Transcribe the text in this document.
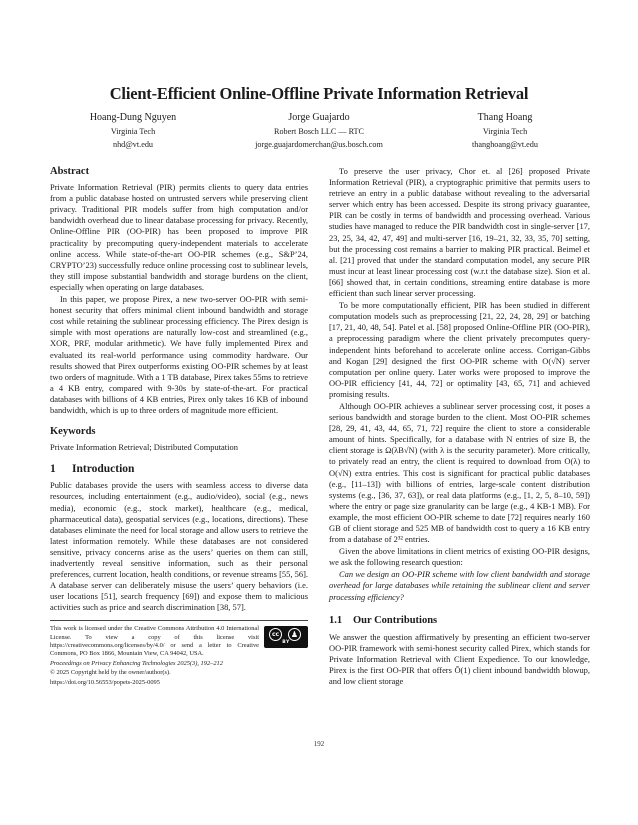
Client-Efficient Online-Offline Private Information Retrieval
Hoang-Dung Nguyen
Virginia Tech
nhd@vt.edu
Jorge Guajardo
Robert Bosch LLC — RTC
jorge.guajardomerchan@us.bosch.com
Thang Hoang
Virginia Tech
thanghoang@vt.edu
Abstract

Private Information Retrieval (PIR) permits clients to query data entries from a public database hosted on untrusted servers while preserving client privacy. Traditional PIR models suffer from high computation and/or bandwidth overhead due to linear database processing for privacy. Recently, Online-Offline PIR (OO-PIR) has been proposed to improve PIR practicality by precomputing query-independent materials to accelerate online access. While state-of-the-art OO-PIR schemes (e.g., S&P’24, CRYPTO’23) successfully reduce online processing cost to sublinear levels, they still impose substantial bandwidth and storage burdens on the client, especially when operating on large databases.

In this paper, we propose Pirex, a new two-server OO-PIR with semi-honest security that offers minimal client inbound bandwidth and storage cost while retaining the sublinear processing efficiency. The Pirex design is simple with most operations are naturally low-cost and streamlined (e.g., XOR, PRF, modular arithmetic). We have fully implemented Pirex and evaluated its real-world performance using commodity hardware. Our results showed that Pirex outperforms existing OO-PIR schemes by at least two orders of magnitude. With a 1 TB database, Pirex takes 55ms to retrieve a 4 KB entry, compared with 9-30s by state-of-the-art. For practical databases with billions of 4 KB entries, Pirex only takes 16 KB of inbound bandwidth, which is up to three orders of magnitude more efficient.

Keywords

Private Information Retrieval; Distributed Computation

1 Introduction

Public databases provide the users with seamless access to diverse data resources, including entertainment (e.g., audio/video), social (e.g., news media), economic (e.g., stock market), healthcare (e.g., medical, pharmaceutical data), geospatial services (e.g., locations, directions). These databases eliminate the need for local storage and allow users to retrieve the latest information remotely. While these databases are not considered sensitive, privacy concerns arise as the users’ queries on them can still, inadvertently reveal sensitive information, such as their personal preferences, current location, health conditions, or revenue streams [55, 56]. A database server can deliberately misuse the users’ query behaviors (i.e. user locations [51], search frequency [69]) and expose them to malicious activities such as price and search discrimination [38, 57].

cc	♟
BY

This work is licensed under the Creative Commons Attribution 4.0 International License. To view a copy of this license visit https://creativecommons.org/licenses/by/4.0/ or send a letter to Creative Commons, PO Box 1866, Mountain View, CA 94042, USA.

Proceedings on Privacy Enhancing Technologies 2025(3), 192–212

© 2025 Copyright held by the owner/author(s).

https://doi.org/10.56553/popets-2025-0095

To preserve the user privacy, Chor et. al [26] proposed Private Information Retrieval (PIR), a cryptographic primitive that permits users to retrieve an entry in a public database without revealing to the adversarial server which entry has been accessed. Despite its strong privacy guarantee, PIR can be costly in terms of bandwidth and processing overhead. Various studies have managed to reduce the PIR bandwidth cost in single-server [17, 23, 25, 34, 42, 47, 49] and multi-server [16, 19–21, 32, 33, 35, 70] setting, but the processing cost remains a barrier to making PIR practical. Beimel et al. [21] proved that under the standard computation model, any secure PIR must incur at least linear processing cost (w.r.t the database size). Sion et al. [66] showed that, in certain conditions, streaming entire database is more efficient than such linear server processing.

To be more computationally efficient, PIR has been studied in different computation models such as preprocessing [21, 22, 24, 28, 29] or batching [17, 21, 40, 48, 54]. Patel et al. [58] proposed Online-Offline PIR (OO-PIR), a preprocessing paradigm where the client privately precomputes query-independent hints beforehand to accelerate online access. Corrigan-Gibbs and Kogan [29] designed the first OO-PIR scheme with O(√N) server computation per online query. Later works were proposed to improve the OO-PIR efficiency [41, 44, 72] or optimality [43, 65, 71] and achieved promising results.

Although OO-PIR achieves a sublinear server processing cost, it poses a serious bandwidth and storage burden to the client. Most OO-PIR schemes [28, 29, 41, 43, 44, 65, 71, 72] require the client to store a considerable amount of hints. Specifically, for a database with N entries of size B, the client storage is Ω(λB√N) (with λ is the security parameter). More critically, to privately read an entry, the client is required to download from O(λ) to O(√N) extra entries. This cost is significant for practical public databases (e.g., [11–13]) with billions of entries, large-scale content distribution systems (e.g., [36, 37, 63]), or real data platforms (e.g., [1, 2, 5, 8–10, 59]) where the entry or page size granularity can be large (e.g., 4 KB-1 MB). For example, the most efficient OO-PIR scheme to date [72] requires nearly 160 GB of client storage and 525 MB of bandwidth cost to query a 16 KB entry from a database of 2³² entries.

Given the above limitations in client metrics of existing OO-PIR designs, we ask the following research question:

Can we design an OO-PIR scheme with low client bandwidth and storage overhead for large databases while retaining the sublinear client and server processing efficiency?

1.1 Our Contributions

We answer the question affirmatively by presenting an efficient two-server OO-PIR framework with semi-honest security called Pirex, which stands for Private Information Retrieval with Client Expedience. To our knowledge, Pirex is the first OO-PIR that offers Ō(1) client inbound bandwidth blowup, and low client storage

192
